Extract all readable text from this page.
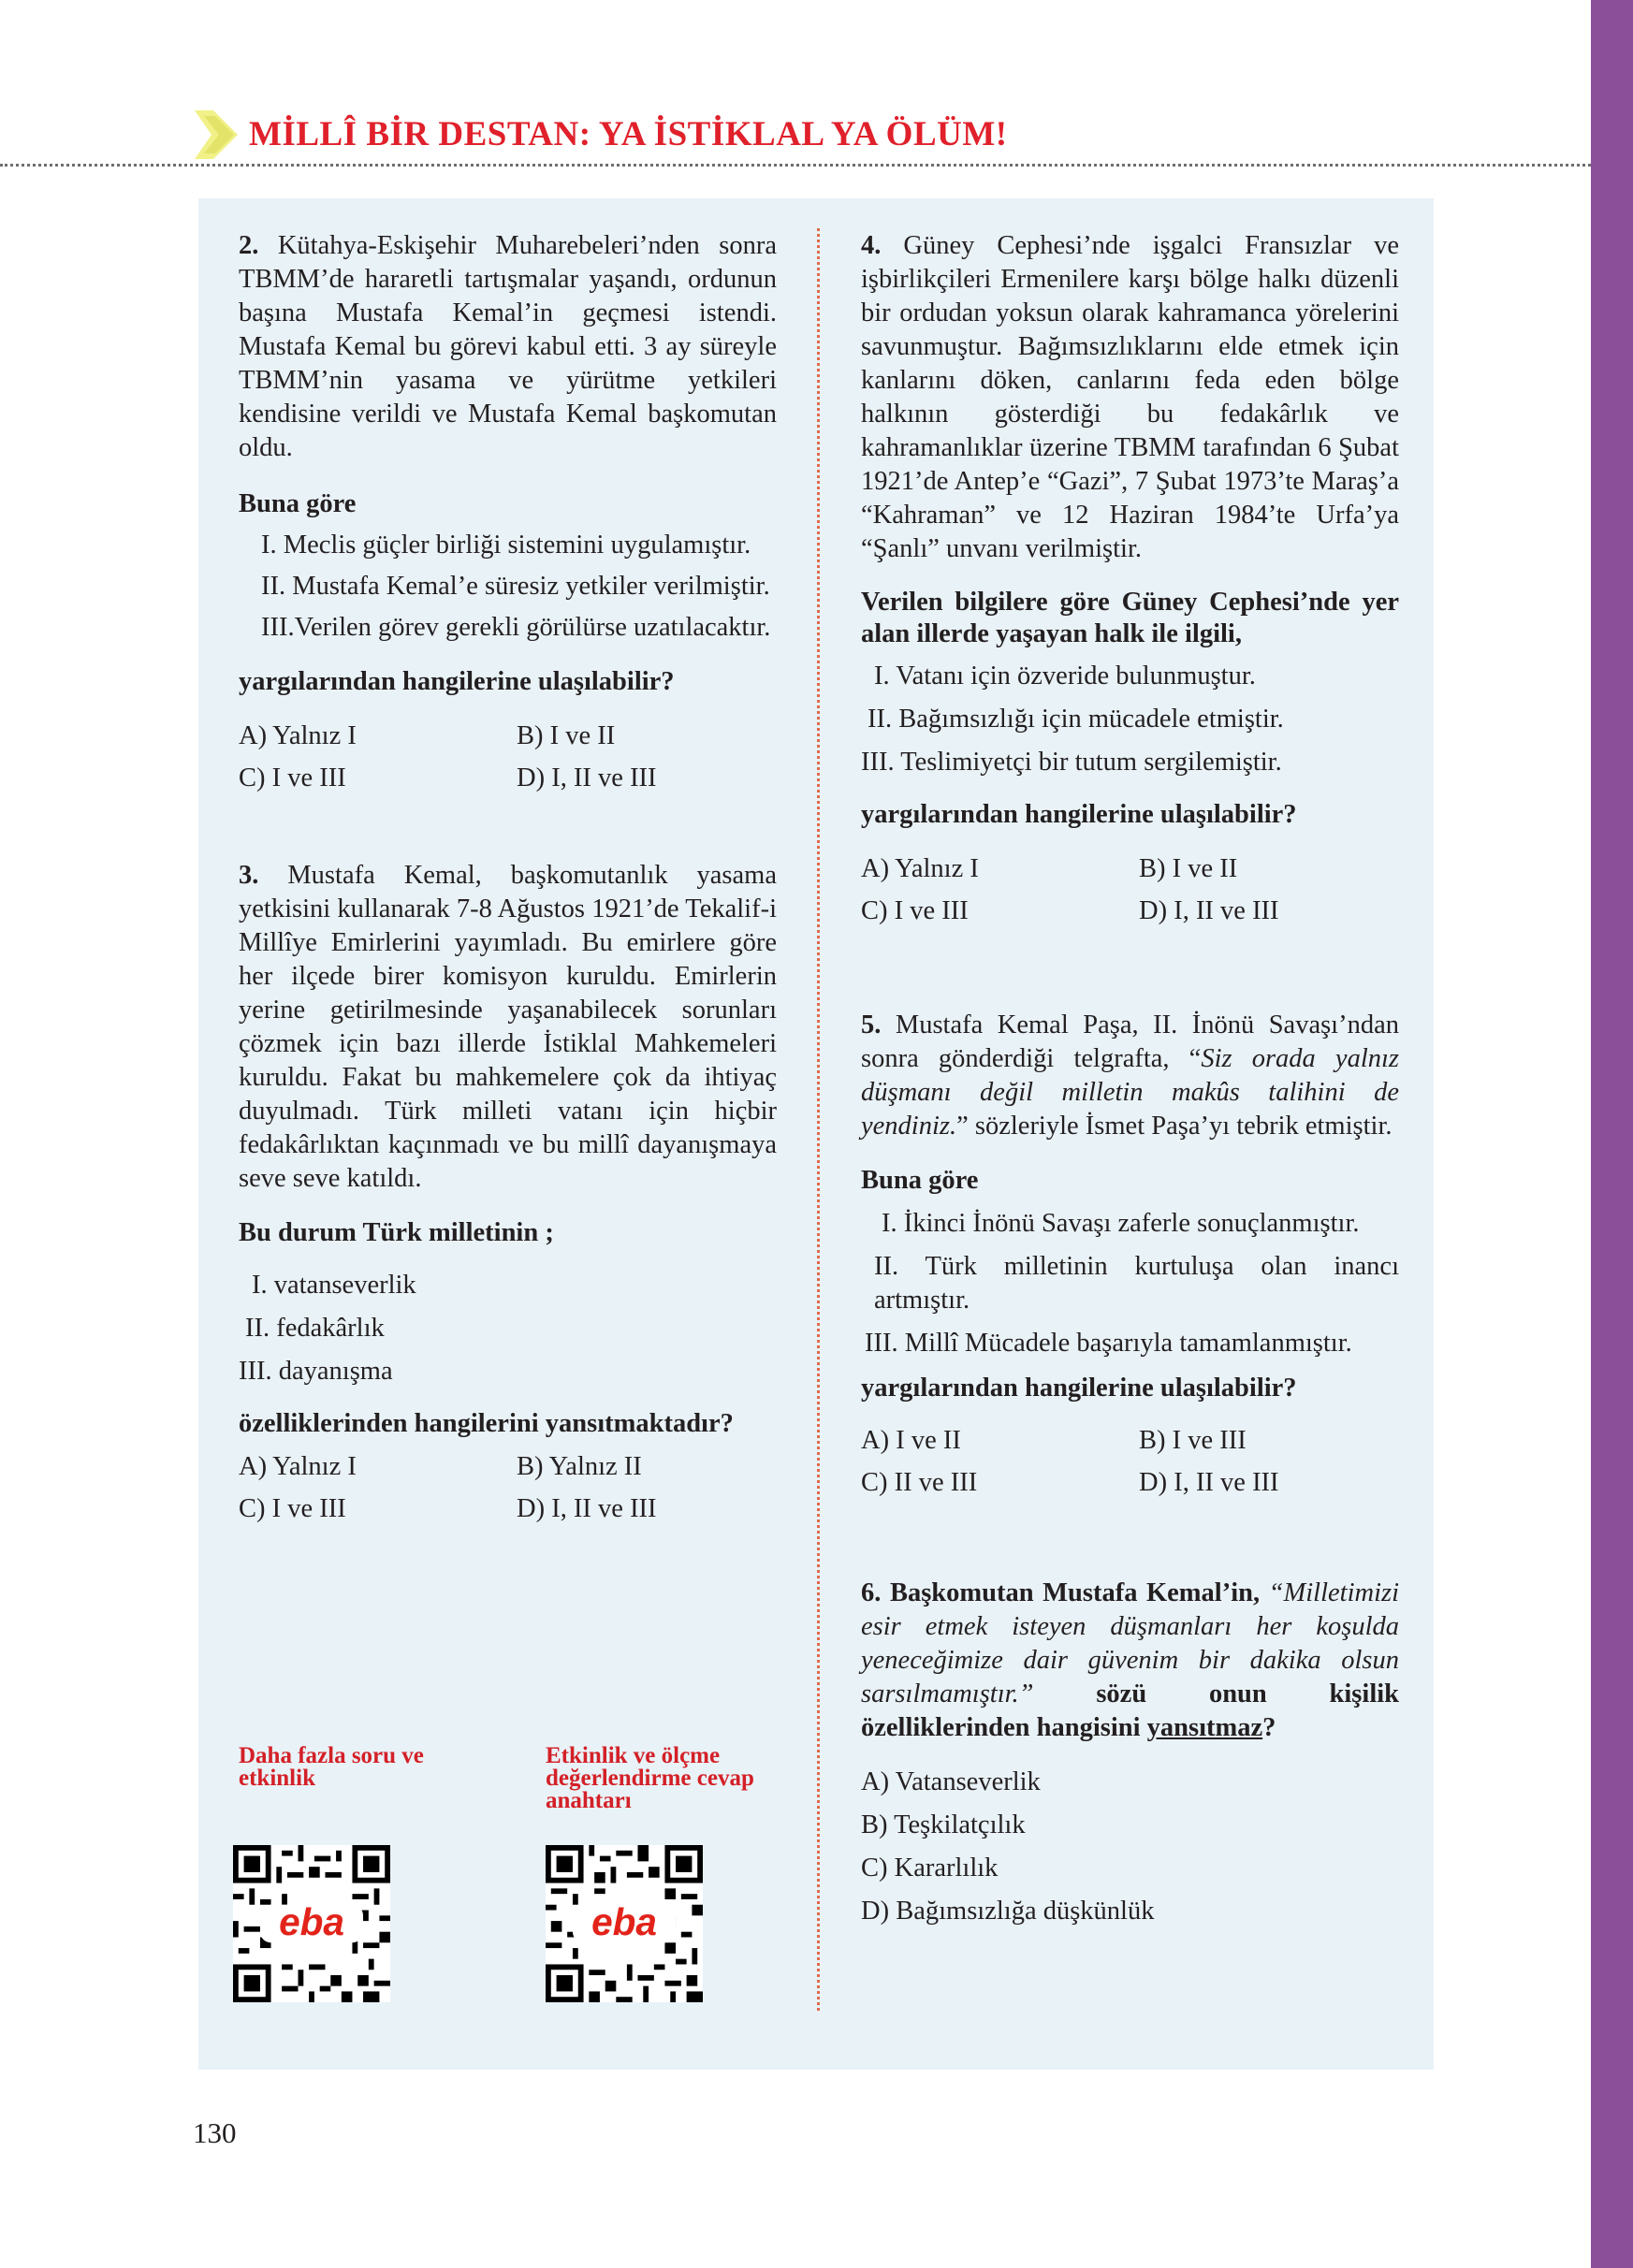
MİLLÎ BİR DESTAN: YA İSTİKLAL YA ÖLÜM!

2. Kütahya-Eskişehir Muharebeleri’nden sonra TBMM’de hararetli tartışmalar yaşandı, ordunun başına Mustafa Kemal’in geçmesi istendi. Mustafa Kemal bu görevi kabul etti. 3 ay süreyle TBMM’nin yasama ve yürütme yetkileri kendisine verildi ve Mustafa Kemal başkomutan oldu.

Buna göre

I. Meclis güçler birliği sistemini uygulamıştır.

II. Mustafa Kemal’e süresiz yetkiler verilmiştir.

III.Verilen görev gerekli görülürse uzatılacaktır.

yargılarından hangilerine ulaşılabilir?

A) Yalnız I	B) I ve II
C) I ve III	D) I, II ve III

3. Mustafa Kemal, başkomutanlık yasama yetkisini kullanarak 7-8 Ağustos 1921’de Tekalif-i Millîye Emirlerini yayımladı. Bu emirlere göre her ilçede birer komisyon kuruldu. Emirlerin yerine getirilmesinde yaşanabilecek sorunları çözmek için bazı illerde İstiklal Mahkemeleri kuruldu. Fakat bu mahkemelere çok da ihtiyaç duyulmadı. Türk milleti vatanı için hiçbir fedakârlıktan kaçınmadı ve bu millî dayanışmaya seve seve katıldı.

Bu durum Türk milletinin ;

I. vatanseverlik

II. fedakârlık

III. dayanışma

özelliklerinden hangilerini yansıtmaktadır?

A) Yalnız I	B) Yalnız II
C) I ve III	D) I, II ve III
Daha fazla soru ve etkinlik
Etkinlik ve ölçme değerlendirme cevap anahtarı
eba	eba

4. Güney Cephesi’nde işgalci Fransızlar ve işbirlikçileri Ermenilere karşı bölge halkı düzenli bir ordudan yoksun olarak kahramanca yörelerini savunmuştur. Bağımsızlıklarını elde etmek için kanlarını döken, canlarını feda eden bölge halkının gösterdiği bu fedakârlık ve kahramanlıklar üzerine TBMM tarafından 6 Şubat 1921’de Antep’e “Gazi”, 7 Şubat 1973’te Maraş’a “Kahraman” ve 12 Haziran 1984’te Urfa’ya “Şanlı” unvanı verilmiştir.

Verilen bilgilere göre Güney Cephesi’nde yer alan illerde yaşayan halk ile ilgili,

I. Vatanı için özveride bulunmuştur.

II. Bağımsızlığı için mücadele etmiştir.

III. Teslimiyetçi bir tutum sergilemiştir.

yargılarından hangilerine ulaşılabilir?

A) Yalnız I	B) I ve II
C) I ve III	D) I, II ve III

5. Mustafa Kemal Paşa, II. İnönü Savaşı’ndan sonra gönderdiği telgrafta, “Siz orada yalnız düşmanı değil milletin makûs talihini de yendiniz.” sözleriyle İsmet Paşa’yı tebrik etmiştir.

Buna göre

I. İkinci İnönü Savaşı zaferle sonuçlanmıştır.

II. Türk milletinin kurtuluşa olan inancı artmıştır.

III. Millî Mücadele başarıyla tamamlanmıştır.

yargılarından hangilerine ulaşılabilir?

A) I ve II	B) I ve III
C) II ve III	D) I, II ve III

6. Başkomutan Mustafa Kemal’in, “Milletimizi esir etmek isteyen düşmanları her koşulda yeneceğimize dair güvenim bir dakika olsun sarsılmamıştır.” sözü onun kişilik özelliklerinden hangisini yansıtmaz?

A) Vatanseverlik

B) Teşkilatçılık

C) Kararlılık

D) Bağımsızlığa düşkünlük

130
